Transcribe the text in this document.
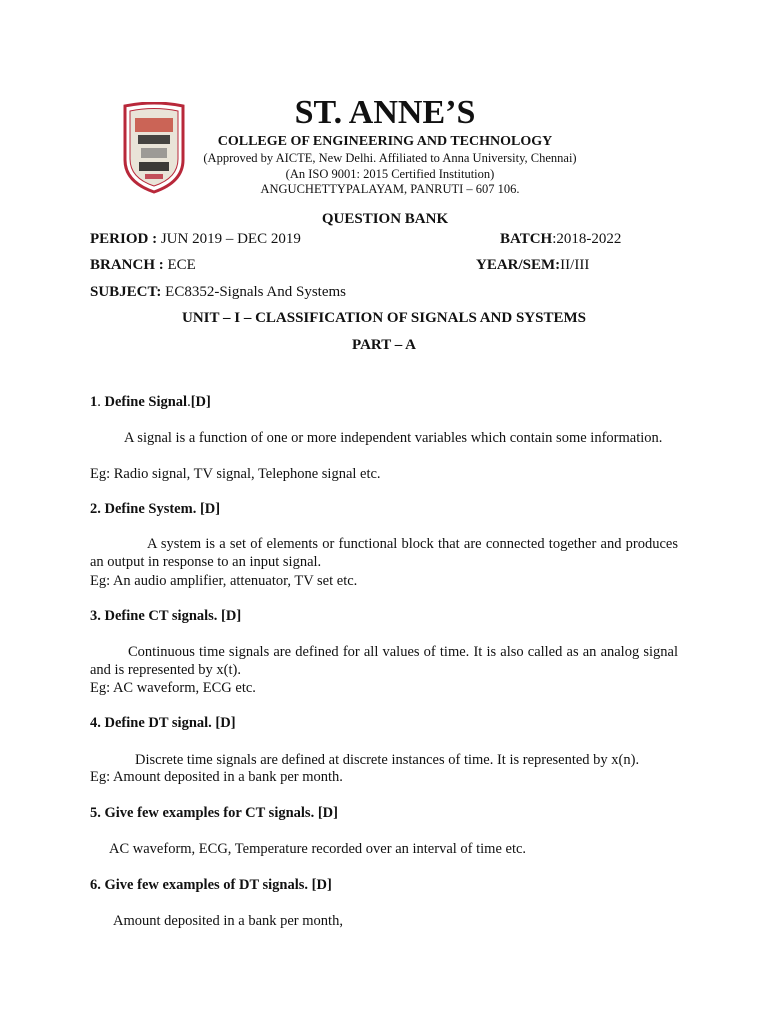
ST. ANNE’S
COLLEGE OF ENGINEERING AND TECHNOLOGY
(Approved by AICTE, New Delhi. Affiliated to Anna University, Chennai)
(An ISO 9001: 2015 Certified Institution)
ANGUCHETTYPALAYAM, PANRUTI – 607 106.
QUESTION BANK
PERIOD : JUN 2019 – DEC 2019	BATCH:2018-2022
BRANCH : ECE	YEAR/SEM:II/III
SUBJECT: EC8352-Signals And Systems
UNIT – I – CLASSIFICATION OF SIGNALS AND SYSTEMS
PART – A
1. Define Signal.[D]
A signal is a function of one or more independent variables which contain some information.
Eg: Radio signal, TV signal, Telephone signal etc.
2. Define System. [D]
A system is a set of elements or functional block that are connected together and produces an output in response to an input signal.
Eg: An audio amplifier, attenuator, TV set etc.
3. Define CT signals. [D]
Continuous time signals are defined for all values of time. It is also called as an analog signal and is represented by x(t).
Eg: AC waveform, ECG etc.
4. Define DT signal. [D]
Discrete time signals are defined at discrete instances of time. It is represented by x(n).
Eg: Amount deposited in a bank per month.
5. Give few examples for CT signals. [D]
AC waveform, ECG, Temperature recorded over an interval of time etc.
6. Give few examples of DT signals. [D]
Amount deposited in a bank per month,
